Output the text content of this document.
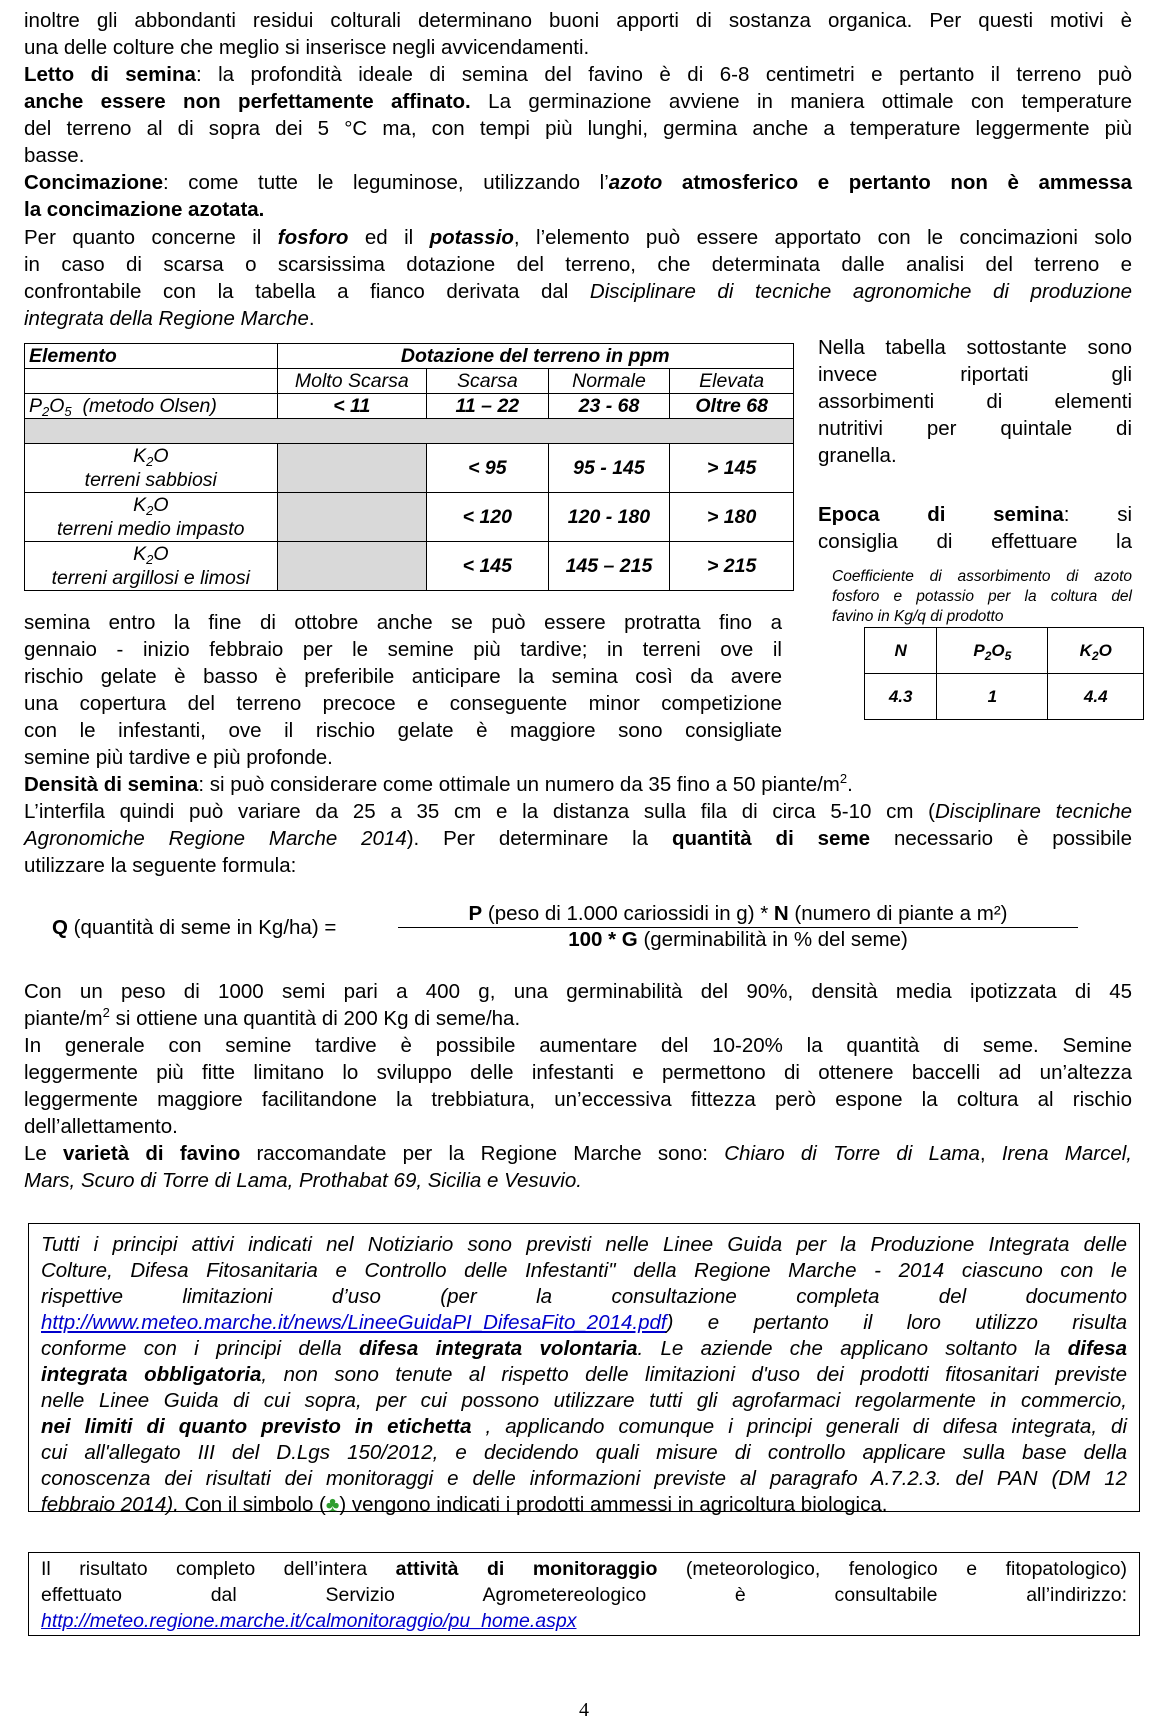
inoltre gli abbondanti residui colturali determinano buoni apporti di sostanza organica. Per questi motivi è
una delle colture che meglio si inserisce negli avvicendamenti.
Letto di semina: la profondità ideale di semina del favino è di 6-8 centimetri e pertanto il terreno può
anche essere non perfettamente affinato. La germinazione avviene in maniera ottimale con temperature
del terreno al di sopra dei 5 °C ma, con tempi più lunghi, germina anche a temperature leggermente più
basse.
Concimazione: come tutte le leguminose, utilizzando l’azoto atmosferico e pertanto non è ammessa
la concimazione azotata.
Per quanto concerne il fosforo ed il potassio, l’elemento può essere apportato con le concimazioni solo
in caso di scarsa o scarsissima dotazione del terreno, che determinata dalle analisi del terreno e
confrontabile con la tabella a fianco derivata dal Disciplinare di tecniche agronomiche di produzione
integrata della Regione Marche.
Elemento	Dotazione del terreno in ppm			
	Molto Scarsa	Scarsa	Normale	Elevata
$P_2O_5$ (metodo Olsen)	< 11	11 – 22	23 - 68	Oltre 68

$K_2O$
terreni sabbiosi		< 95	95 - 145	> 145
$K_2O$
terreni medio impasto		< 120	120 - 180	> 180
$K_2O$
terreni argillosi e limosi		< 145	145 – 215	> 215
Nella tabella sottostante sono
invece riportati gli
assorbimenti di elementi
nutritivi per quintale di
granella.
Epoca di semina: si
consiglia di effettuare la
Coefficiente di assorbimento di azoto
fosforo e potassio per la coltura del
favino in Kg/q di prodotto
N	$P_2O_5$	$K_2O$
4.3	1	4.4
semina entro la fine di ottobre anche se può essere protratta fino a
gennaio - inizio febbraio per le semine più tardive; in terreni ove il
rischio gelate è basso è preferibile anticipare la semina così da avere
una copertura del terreno precoce e conseguente minor competizione
con le infestanti, ove il rischio gelate è maggiore sono consigliate
semine più tardive e più profonde.
Densità di semina: si può considerare come ottimale un numero da 35 fino a 50 piante/$m^2$.
L’interfila quindi può variare da 25 a 35 cm e la distanza sulla fila di circa 5-10 cm (Disciplinare tecniche
Agronomiche Regione Marche 2014). Per determinare la quantità di seme necessario è possibile
utilizzare la seguente formula:
Q (quantità di seme in Kg/ha) =
P (peso di 1.000 cariossidi in g) * N (numero di piante a m²)
100 * G (germinabilità in % del seme)
Con un peso di 1000 semi pari a 400 g, una germinabilità del 90%, densità media ipotizzata di 45
piante/$m^2$ si ottiene una quantità di 200 Kg di seme/ha.
In generale con semine tardive è possibile aumentare del 10-20% la quantità di seme. Semine
leggermente più fitte limitano lo sviluppo delle infestanti e permettono di ottenere baccelli ad un’altezza
leggermente maggiore facilitandone la trebbiatura, un’eccessiva fittezza però espone la coltura al rischio
dell’allettamento.
Le varietà di favino raccomandate per la Regione Marche sono: Chiaro di Torre di Lama, Irena Marcel,
Mars, Scuro di Torre di Lama, Prothabat 69, Sicilia e Vesuvio.
Tutti i principi attivi indicati nel Notiziario sono previsti nelle Linee Guida per la Produzione Integrata delle
Colture, Difesa Fitosanitaria e Controllo delle Infestanti" della Regione Marche - 2014 ciascuno con le
rispettive limitazioni d’uso (per la consultazione completa del documento
http://www.meteo.marche.it/news/LineeGuidaPI_DifesaFito_2014.pdf) e pertanto il loro utilizzo risulta
conforme con i principi della difesa integrata volontaria. Le aziende che applicano soltanto la difesa
integrata obbligatoria, non sono tenute al rispetto delle limitazioni d'uso dei prodotti fitosanitari previste
nelle Linee Guida di cui sopra, per cui possono utilizzare tutti gli agrofarmaci regolarmente in commercio,
nei limiti di quanto previsto in etichetta , applicando comunque i principi generali di difesa integrata, di
cui all'allegato III del D.Lgs 150/2012, e decidendo quali misure di controllo applicare sulla base della
conoscenza dei risultati dei monitoraggi e delle informazioni previste al paragrafo A.7.2.3. del PAN (DM 12
febbraio 2014). Con il simbolo (♣) vengono indicati i prodotti ammessi in agricoltura biologica.
Il risultato completo dell’intera attività di monitoraggio (meteorologico, fenologico e fitopatologico)
effettuato dal Servizio Agrometereologico è consultabile all’indirizzo:
http://meteo.regione.marche.it/calmonitoraggio/pu_home.aspx
4
